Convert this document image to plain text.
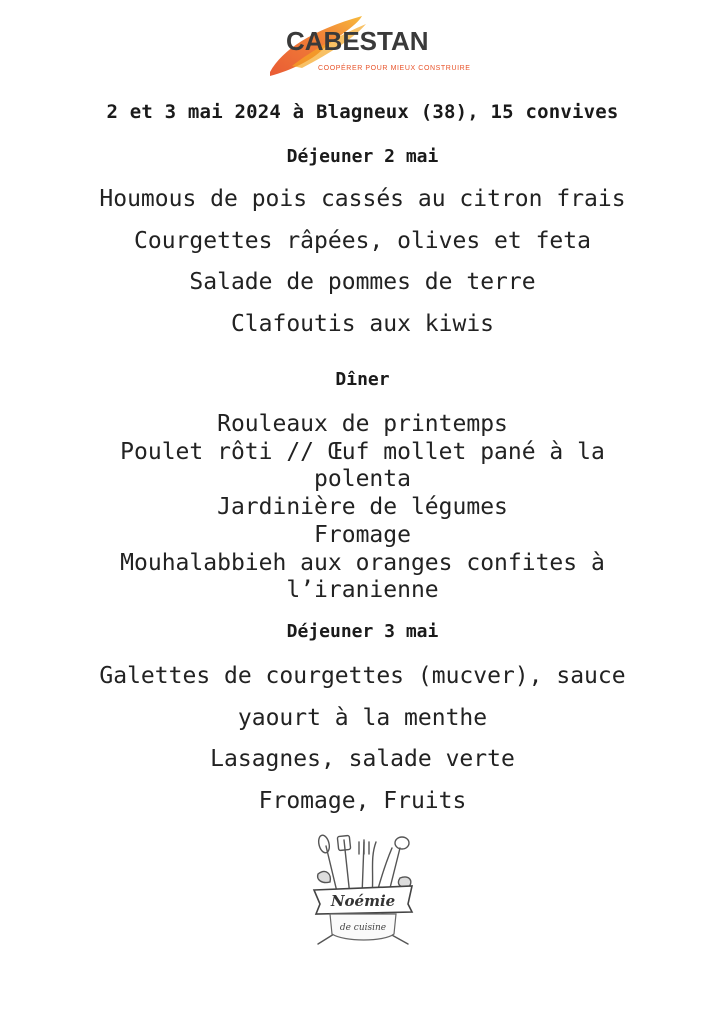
CABESTAN
COOPÉRER POUR MIEUX CONSTRUIRE
2 et 3 mai 2024 à Blagneux (38), 15 convives
Déjeuner 2 mai
Houmous de pois cassés au citron frais
Courgettes râpées, olives et feta
Salade de pommes de terre
Clafoutis aux kiwis
Dîner
Rouleaux de printemps
Poulet rôti // Œuf mollet pané à la
polenta
Jardinière de légumes
Fromage
Mouhalabbieh aux oranges confites à
l’iranienne
Déjeuner 3 mai
Galettes de courgettes (mucver), sauce
yaourt à la menthe
Lasagnes, salade verte
Fromage, Fruits
Noémie
de cuisine
